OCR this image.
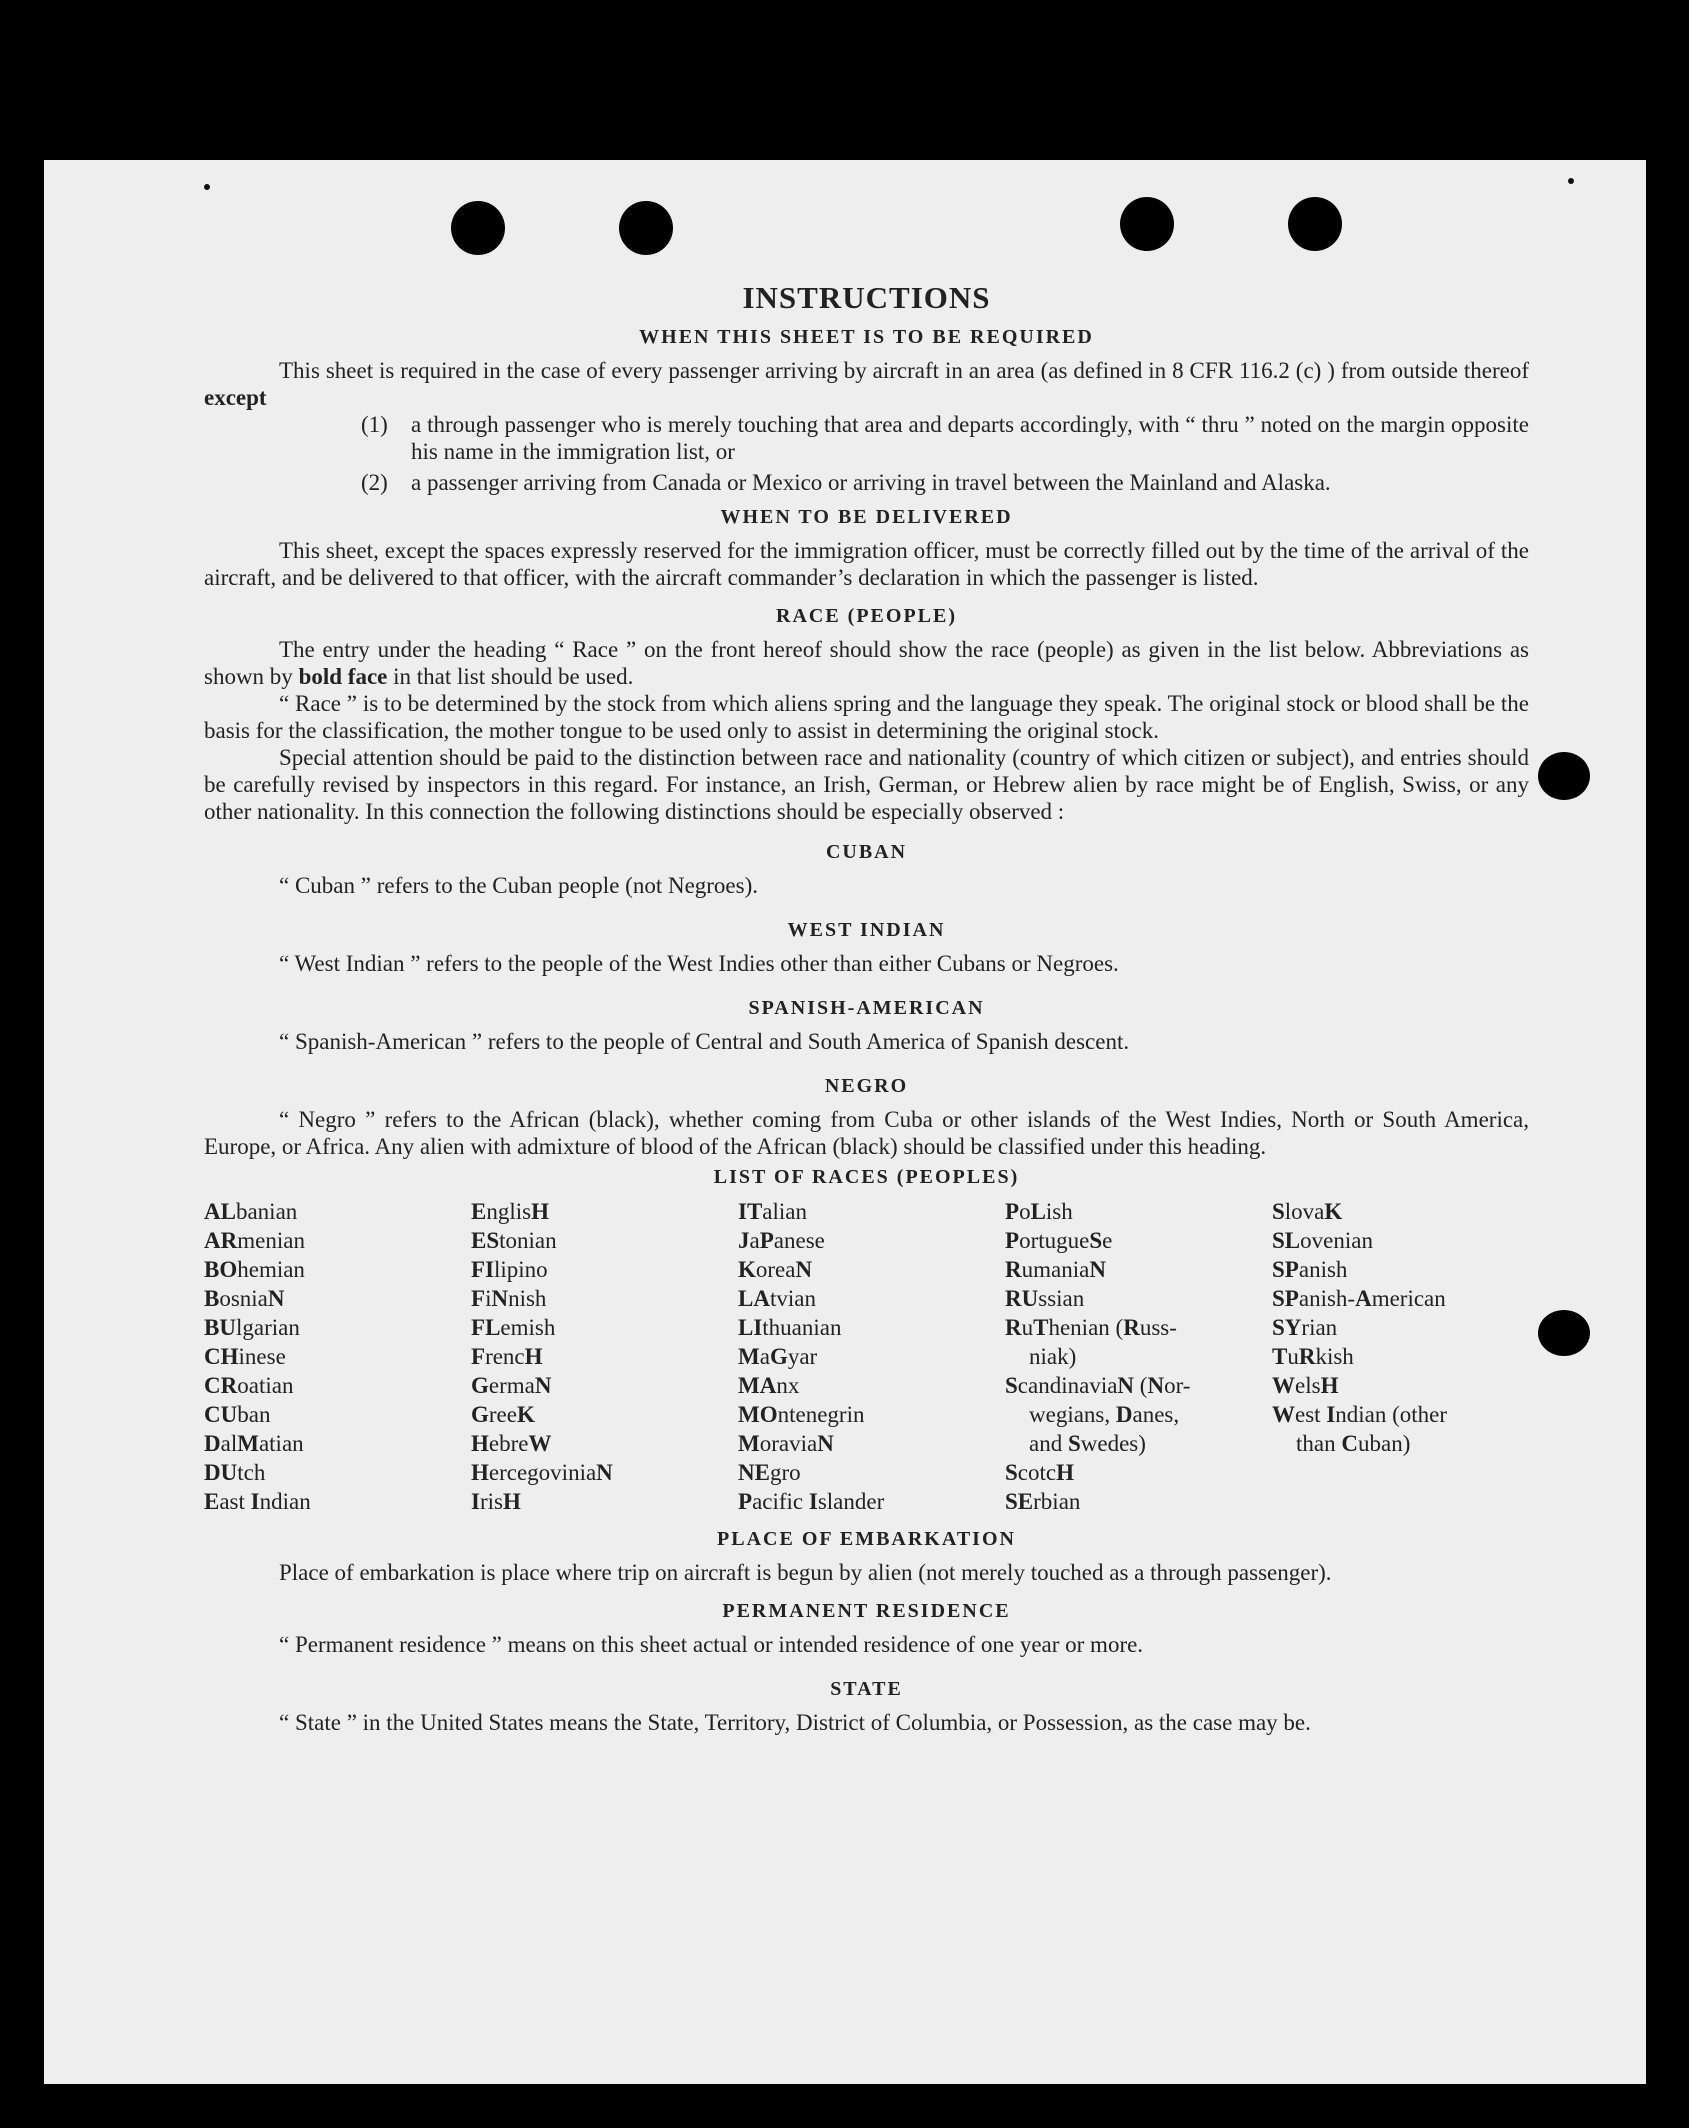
INSTRUCTIONS
WHEN THIS SHEET IS TO BE REQUIRED

This sheet is required in the case of every passenger arriving by aircraft in an area (as defined in 8 CFR 116.2 (c) ) from outside thereof except

(1)	a through passenger who is merely touching that area and departs accordingly, with “ thru ” noted on the margin opposite his name in the immigration list, or
(2)	a passenger arriving from Canada or Mexico or arriving in travel between the Mainland and Alaska.
WHEN TO BE DELIVERED

This sheet, except the spaces expressly reserved for the immigration officer, must be correctly filled out by the time of the arrival of the aircraft, and be delivered to that officer, with the aircraft commander’s declaration in which the passenger is listed.

RACE (PEOPLE)

The entry under the heading “ Race ” on the front hereof should show the race (people) as given in the list below. Abbreviations as shown by bold face in that list should be used.

“ Race ” is to be determined by the stock from which aliens spring and the language they speak. The original stock or blood shall be the basis for the classification, the mother tongue to be used only to assist in determining the original stock.

Special attention should be paid to the distinction between race and nationality (country of which citizen or subject), and entries should be carefully revised by inspectors in this regard. For instance, an Irish, German, or Hebrew alien by race might be of English, Swiss, or any other nationality. In this connection the following distinctions should be especially observed :

CUBAN
“ Cuban ” refers to the Cuban people (not Negroes).
WEST INDIAN
“ West Indian ” refers to the people of the West Indies other than either Cubans or Negroes.
SPANISH-AMERICAN
“ Spanish-American ” refers to the people of Central and South America of Spanish descent.
NEGRO

“ Negro ” refers to the African (black), whether coming from Cuba or other islands of the West Indies, North or South America, Europe, or Africa. Any alien with admixture of blood of the African (black) should be classified under this heading.

LIST OF RACES (PEOPLES)
ALbanian
ARmenian
BOhemian
BosniaN
BUlgarian
CHinese
CRoatian
CUban
DalMatian
DUtch
East Indian
EnglisH
EStonian
FIlipino
FiNnish
FLemish
FrencH
GermaN
GreeK
HebreW
HercegoviniaN
IrisH
ITalian
JaPanese
KoreaN
LAtvian
LIthuanian
MaGyar
MAnx
MOntenegrin
MoraviaN
NEgro
Pacific Islander
PoLish
PortugueSe
RumaniaN
RUssian
RuThenian (Russ-
niak)
ScandinaviaN (Nor-
wegians, Danes,
and Swedes)
ScotcH
SErbian
SlovaK
SLovenian
SPanish
SPanish-American
SYrian
TuRkish
WelsH
West Indian (other
than Cuban)
PLACE OF EMBARKATION

Place of embarkation is place where trip on aircraft is begun by alien (not merely touched as a through passenger).

PERMANENT RESIDENCE
“ Permanent residence ” means on this sheet actual or intended residence of one year or more.
STATE

“ State ” in the United States means the State, Territory, District of Columbia, or Possession, as the case may be.
